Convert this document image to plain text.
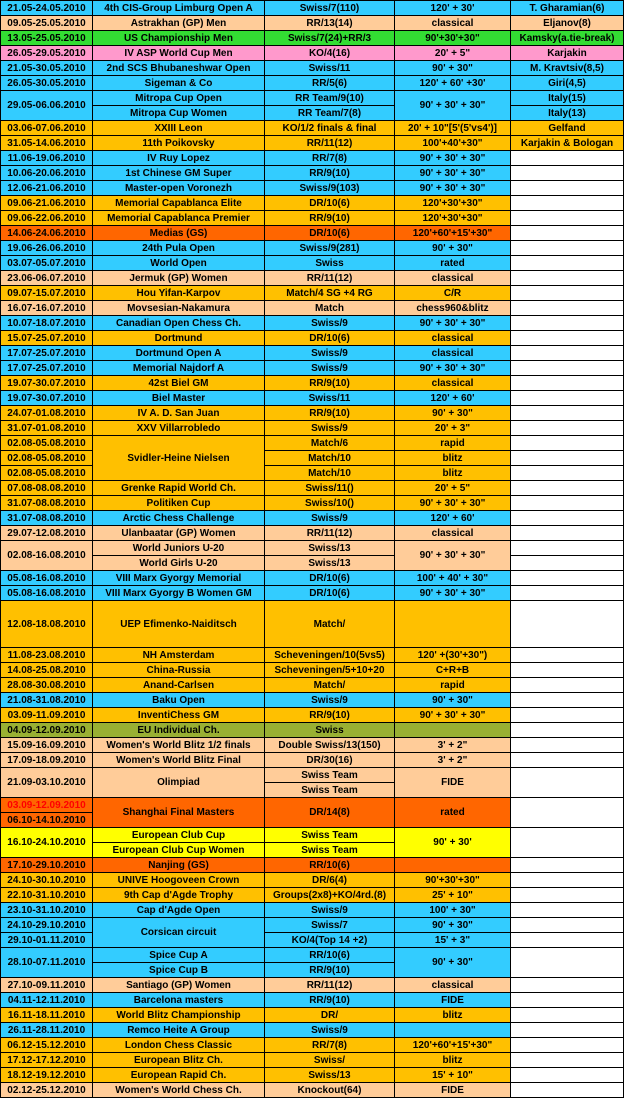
21.05-24.05.2010	4th CIS-Group Limburg Open A	Swiss/7(110)	120' + 30'	T. Gharamian(6)
09.05-25.05.2010	Astrakhan (GP) Men	RR/13(14)	classical	Eljanov(8)
13.05-25.05.2010	US Championship Men	Swiss/7(24)+RR/3	90'+30'+30"	Kamsky(a.tie-break)
26.05-29.05.2010	IV ASP World Cup Men	KO/4(16)	20' + 5"	Karjakin
21.05-30.05.2010	2nd SCS Bhubaneshwar Open	Swiss/11	90' + 30"	M. Kravtsiv(8,5)
26.05-30.05.2010	Sigeman & Co	RR/5(6)	120' + 60' +30'	Giri(4,5)
29.05-06.06.2010	Mitropa Cup Open	RR Team/9(10)	90' + 30' + 30"	Italy(15)
	Mitropa Cup Women	RR Team/7(8)		Italy(13)
03.06-07.06.2010	XXIII Leon	KO/1/2 finals & final	20' + 10"[5'(5'vs4')]	Gelfand
31.05-14.06.2010	11th Poikovsky	RR/11(12)	100'+40'+30"	Karjakin & Bologan
11.06-19.06.2010	IV Ruy Lopez	RR/7(8)	90' + 30' + 30"	
10.06-20.06.2010	1st Chinese GM Super	RR/9(10)	90' + 30' + 30"	
12.06-21.06.2010	Master-open Voronezh	Swiss/9(103)	90' + 30' + 30"	
09.06-21.06.2010	Memorial Capablanca Elite	DR/10(6)	120'+30'+30"	
09.06-22.06.2010	Memorial Capablanca Premier	RR/9(10)	120'+30'+30"	
14.06-24.06.2010	Medias (GS)	DR/10(6)	120'+60'+15'+30"	
19.06-26.06.2010	24th Pula Open	Swiss/9(281)	90' + 30"	
03.07-05.07.2010	World Open	Swiss	rated	
23.06-06.07.2010	Jermuk (GP) Women	RR/11(12)	classical	
09.07-15.07.2010	Hou Yifan-Karpov	Match/4 SG +4 RG	C/R	
16.07-16.07.2010	Movsesian-Nakamura	Match	chess960&blitz	
10.07-18.07.2010	Canadian Open Chess Ch.	Swiss/9	90' + 30' + 30"	
15.07-25.07.2010	Dortmund	DR/10(6)	classical	
17.07-25.07.2010	Dortmund Open A	Swiss/9	classical	
17.07-25.07.2010	Memorial Najdorf A	Swiss/9	90' + 30' + 30"	
19.07-30.07.2010	42st Biel GM	RR/9(10)	classical	
19.07-30.07.2010	Biel Master	Swiss/11	120' + 60'	
24.07-01.08.2010	IV A. D. San Juan	RR/9(10)	90' + 30"	
31.07-01.08.2010	XXV Villarrobledo	Swiss/9	20' + 3"	
02.08-05.08.2010	Svidler-Heine Nielsen	Match/6	rapid	
02.08-05.08.2010		Match/10	blitz	
02.08-05.08.2010		Match/10	blitz	
07.08-08.08.2010	Grenke Rapid World Ch.	Swiss/11()	20' + 5"	
31.07-08.08.2010	Politiken Cup	Swiss/10()	90' + 30' + 30"	
31.07-08.08.2010	Arctic Chess Challenge	Swiss/9	120' + 60'	
29.07-12.08.2010	Ulanbaatar (GP) Women	RR/11(12)	classical	
02.08-16.08.2010	World Juniors U-20	Swiss/13	90' + 30' + 30"	
	World Girls U-20	Swiss/13		
05.08-16.08.2010	VIII Marx Gyorgy Memorial	DR/10(6)	100' + 40' + 30"	
05.08-16.08.2010	VIII Marx Gyorgy B Women GM	DR/10(6)	90' + 30' + 30"	
12.08-18.08.2010	UEP Efimenko-Naiditsch	Match/		
11.08-23.08.2010	NH Amsterdam	Scheveningen/10(5vs5)	120' +(30'+30")	
14.08-25.08.2010	China-Russia	Scheveningen/5+10+20	C+R+B	
28.08-30.08.2010	Anand-Carlsen	Match/	rapid	
21.08-31.08.2010	Baku Open	Swiss/9	90' + 30"	
03.09-11.09.2010	InventiChess GM	RR/9(10)	90' + 30' + 30"	
04.09-12.09.2010	EU Individual Ch.	Swiss		
15.09-16.09.2010	Women's World Blitz 1/2 finals	Double Swiss/13(150)	3' + 2"	
17.09-18.09.2010	Women's World Blitz Final	DR/30(16)	3' + 2"	
21.09-03.10.2010	Olimpiad	Swiss Team	FIDE	
		Swiss Team		
03.09-12.09.2010	Shanghai Final Masters	DR/14(8)	rated	
06.10-14.10.2010				
16.10-24.10.2010	European Club Cup	Swiss Team	90' + 30'	
	European Club Cup Women	Swiss Team		
17.10-29.10.2010	Nanjing (GS)	RR/10(6)		
24.10-30.10.2010	UNIVE Hoogoveen Crown	DR/6(4)	90'+30'+30"	
22.10-31.10.2010	9th Cap d'Agde Trophy	Groups(2x8)+KO/4rd.(8)	25' + 10"	
23.10-31.10.2010	Cap d'Agde Open	Swiss/9	100' + 30"	
24.10-29.10.2010	Corsican circuit	Swiss/7	90' + 30"	
29.10-01.11.2010		KO/4(Top 14 +2)	15' + 3"	
28.10-07.11.2010	Spice Cup A	RR/10(6)	90' + 30"	
	Spice Cup B	RR/9(10)		
27.10-09.11.2010	Santiago (GP) Women	RR/11(12)	classical	
04.11-12.11.2010	Barcelona masters	RR/9(10)	FIDE	
16.11-18.11.2010	World Blitz Championship	DR/	blitz	
26.11-28.11.2010	Remco Heite A Group	Swiss/9		
06.12-15.12.2010	London Chess Classic	RR/7(8)	120'+60'+15'+30"	
17.12-17.12.2010	European Blitz Ch.	Swiss/	blitz	
18.12-19.12.2010	European Rapid Ch.	Swiss/13	15' + 10"	
02.12-25.12.2010	Women's World Chess Ch.	Knockout(64)	FIDE	
